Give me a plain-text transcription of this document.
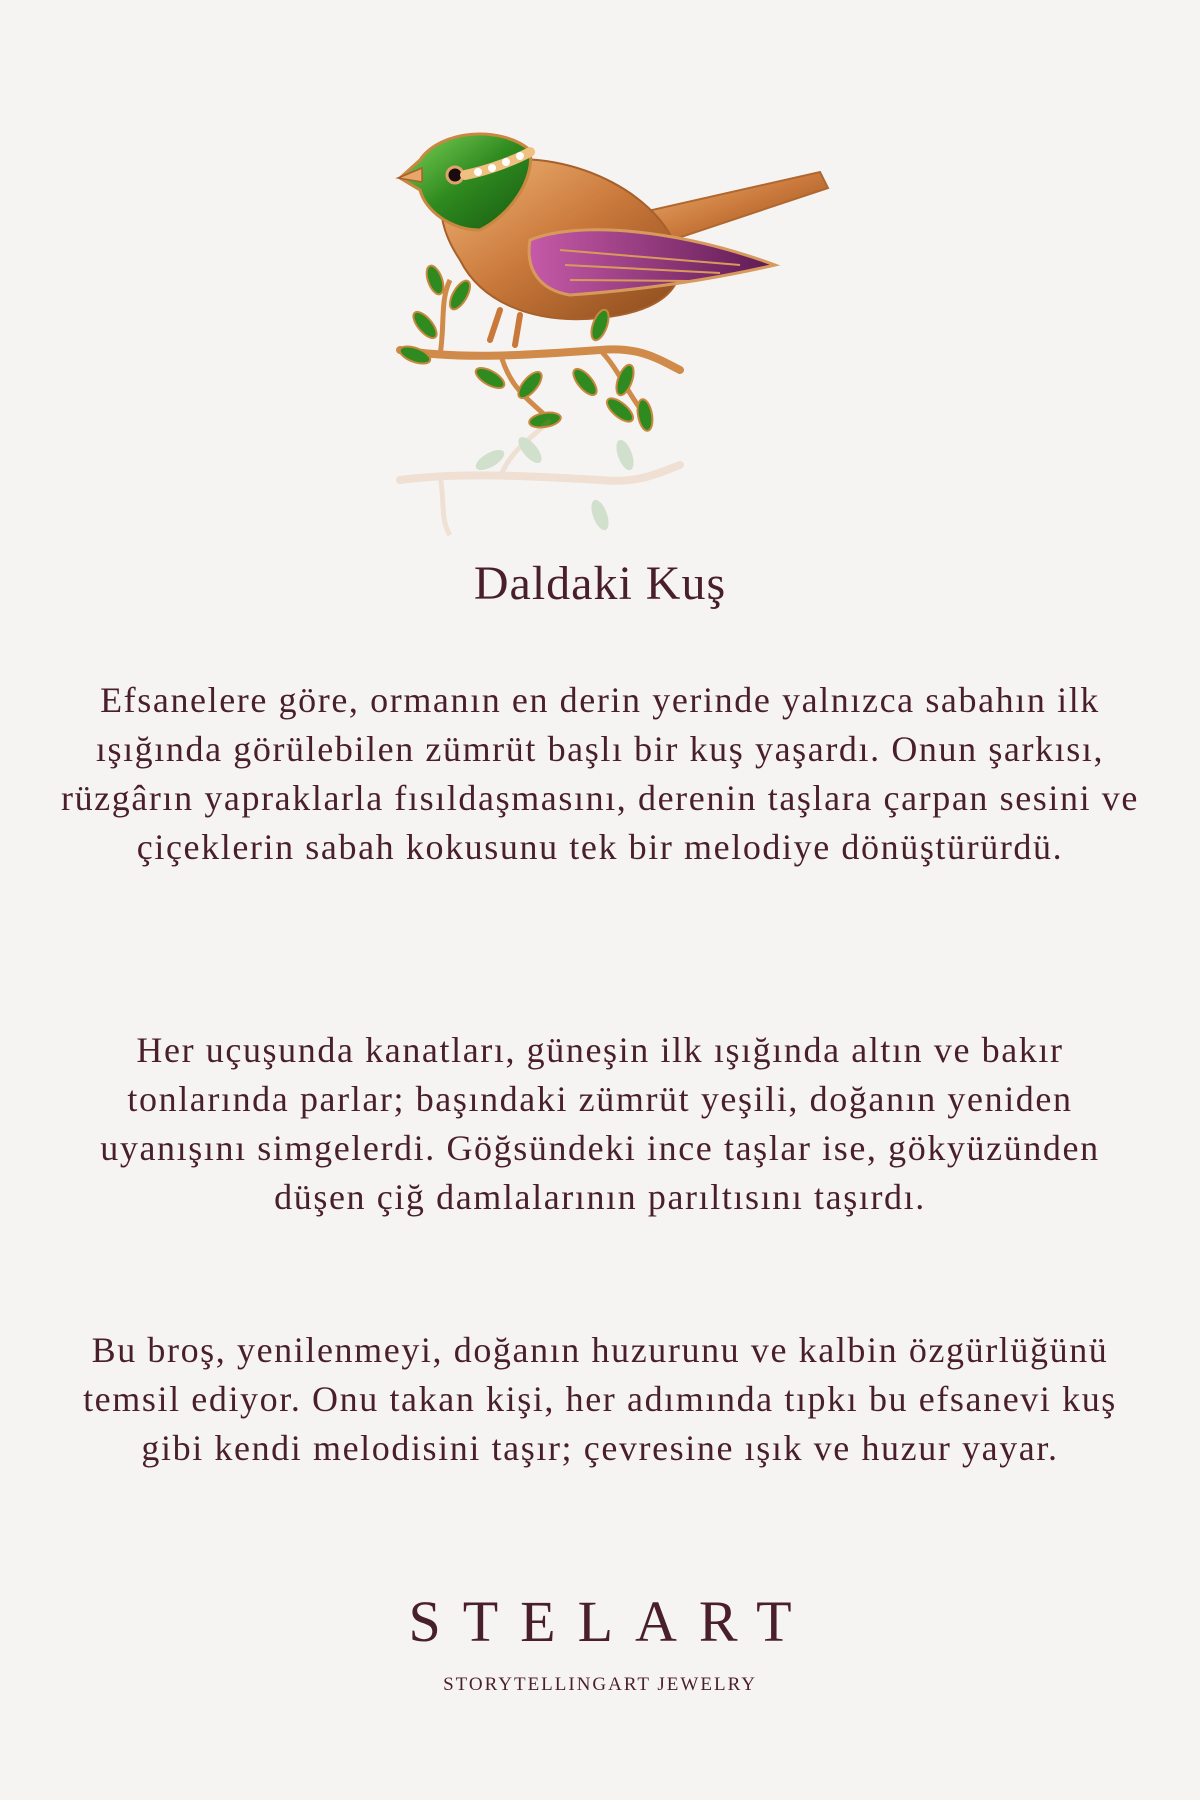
Daldaki Kuş

Efsanelere göre, ormanın en derin yerinde yalnızca sabahın ilk ışığında görülebilen zümrüt başlı bir kuş yaşardı. Onun şarkısı, rüzgârın yapraklarla fısıldaşmasını, derenin taşlara çarpan sesini ve çiçeklerin sabah kokusunu tek bir melodiye dönüştürürdü.

Her uçuşunda kanatları, güneşin ilk ışığında altın ve bakır tonlarında parlar; başındaki zümrüt yeşili, doğanın yeniden uyanışını simgelerdi. Göğsündeki ince taşlar ise, gökyüzünden düşen çiğ damlalarının parıltısını taşırdı.

Bu broş, yenilenmeyi, doğanın huzurunu ve kalbin özgürlüğünü temsil ediyor. Onu takan kişi, her adımında tıpkı bu efsanevi kuş gibi kendi melodisini taşır; çevresine ışık ve huzur yayar.

STELART
STORYTELLINGART JEWELRY
